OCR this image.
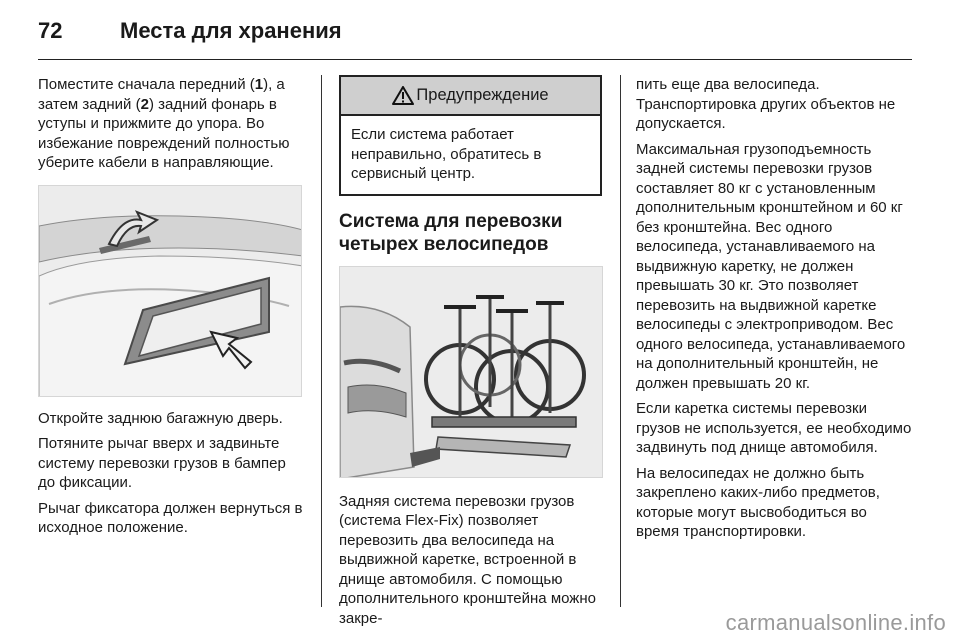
72	Места для хранения

Поместите сначала передний (1), а затем задний (2) задний фонарь в уступы и прижмите до упора. Во избежание повреждений полностью уберите кабели в направляющие.

Откройте заднюю багажную дверь.

Потяните рычаг вверх и задвиньте систему перевозки грузов в бампер до фиксации.

Рычаг фиксатора должен вернуться в исходное положение.

Предупреждение
Если система работает неправильно, обратитесь в сервисный центр.
Система для перевозки четырех велосипедов

Задняя система перевозки грузов (система Flex-Fix) позволяет перевозить два велосипеда на выдвижной каретке, встроенной в днище автомобиля. С помощью дополнительного кронштейна можно закре-

пить еще два велосипеда. Транспортировка других объектов не допускается.

Максимальная грузоподъемность задней системы перевозки грузов составляет 80 кг с установленным дополнительным кронштейном и 60 кг без кронштейна. Вес одного велосипеда, устанавливаемого на выдвижную каретку, не должен превышать 30 кг. Это позволяет перевозить на выдвижной каретке велосипеды с электроприводом. Вес одного велосипеда, устанавливаемого на дополнительный кронштейн, не должен превышать 20 кг.

Если каретка системы перевозки грузов не используется, ее необходимо задвинуть под днище автомобиля.

На велосипедах не должно быть закреплено каких-либо предметов, которые могут высвободиться во время транспортировки.

carmanualsonline.info
